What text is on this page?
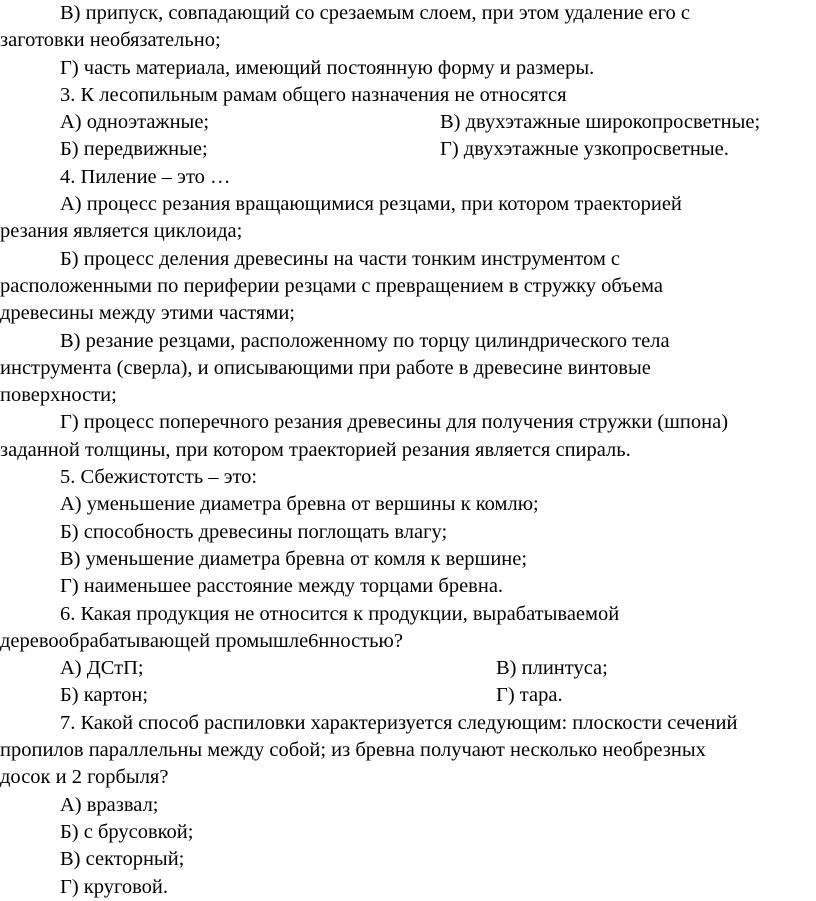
В) припуск, совпадающий со срезаемым слоем, при этом удаление его с
заготовки необязательно;
Г) часть материала, имеющий постоянную форму и размеры.
3. К лесопильным рамам общего назначения не относятся
А) одноэтажные;	В) двухэтажные широкопросветные;
Б) передвижные;	Г) двухэтажные узкопросветные.
4. Пиление – это …
А) процесс резания вращающимися резцами, при котором траекторией
резания является циклоида;
Б) процесс деления древесины на части тонким инструментом с
расположенными по периферии резцами с превращением в стружку объема
древесины между этими частями;
В) резание резцами, расположенному по торцу цилиндрического тела
инструмента (сверла), и описывающими при работе в древесине винтовые
поверхности;
Г) процесс поперечного резания древесины для получения стружки (шпона)
заданной толщины, при котором траекторией резания является спираль.
5. Сбежистотсть – это:
А) уменьшение диаметра бревна от вершины к комлю;
Б) способность древесины поглощать влагу;
В) уменьшение диаметра бревна от комля к вершине;
Г) наименьшее расстояние между торцами бревна.
6. Какая продукция не относится к продукции, вырабатываемой
деревообрабатывающей промышле6нностью?
А) ДСтП;	В) плинтуса;
Б) картон;	Г) тара.
7. Какой способ распиловки характеризуется следующим: плоскости сечений
пропилов параллельны между собой; из бревна получают несколько необрезных
досок и 2 горбыля?
А) вразвал;
Б) с брусовкой;
В) секторный;
Г) круговой.
